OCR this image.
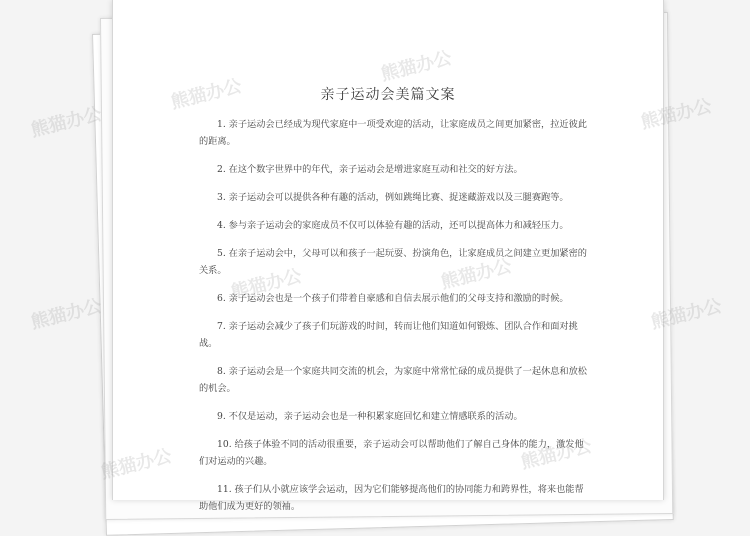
亲子运动会美篇文案

1. 亲子运动会已经成为现代家庭中一项受欢迎的活动，让家庭成员之间更加紧密，拉近彼此的距离。

2. 在这个数字世界中的年代，亲子运动会是增进家庭互动和社交的好方法。

3. 亲子运动会可以提供各种有趣的活动，例如跳绳比赛、捉迷藏游戏以及三腿赛跑等。

4. 参与亲子运动会的家庭成员不仅可以体验有趣的活动，还可以提高体力和减轻压力。

5. 在亲子运动会中，父母可以和孩子一起玩耍、扮演角色，让家庭成员之间建立更加紧密的关系。

6. 亲子运动会也是一个孩子们带着自豪感和自信去展示他们的父母支持和激励的时候。

7. 亲子运动会减少了孩子们玩游戏的时间，转而让他们知道如何锻炼、团队合作和面对挑战。

8. 亲子运动会是一个家庭共同交流的机会，为家庭中常常忙碌的成员提供了一起休息和放松的机会。

9. 不仅是运动，亲子运动会也是一种积累家庭回忆和建立情感联系的活动。

10. 给孩子体验不同的活动很重要，亲子运动会可以帮助他们了解自己身体的能力，激发他们对运动的兴趣。

11. 孩子们从小就应该学会运动，因为它们能够提高他们的协同能力和跨界性，将来也能帮助他们成为更好的领袖。

熊猫办公
熊猫办公
熊猫办公
熊猫办公
熊猫办公
熊猫办公	熊猫办公
熊猫办公
熊猫办公	熊猫办公
